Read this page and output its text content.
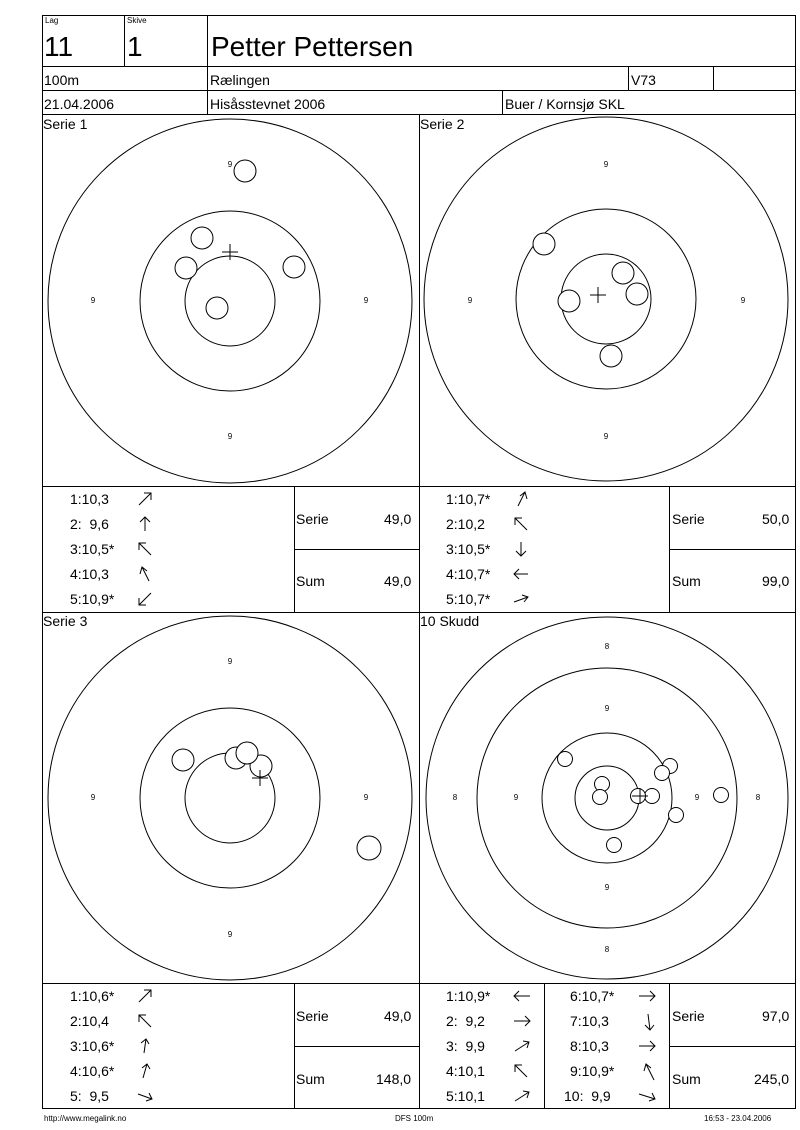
Lag
11
Skive
1 Petter Pettersen
100m	Rælingen	V73
21.04.2006	Hisåsstevnet 2006	Buer / Kornsjø SKL
Serie 1	Serie 2
Serie 3	10 Skudd
9
9
9	9
9
9
9	9
9
9
9	9
8
8
8	8
9
9
9	9
1:10,3
2:  9,6
3:10,5*
4:10,3
5:10,9*
Serie	49,0
Sum	49,0
1:10,7*
2:10,2
3:10,5*
4:10,7*
5:10,7*
Serie	50,0
Sum	99,0
1:10,6*
2:10,4
3:10,6*
4:10,6*
5:  9,5
Serie	49,0
Sum	148,0
1:10,9*
2:  9,2
3:  9,9
4:10,1
5:10,1
6:10,7*
7:10,3
8:10,3
9:10,9*
10:  9,9
Serie	97,0
Sum	245,0
http://www.megalink.no	DFS 100m	16:53 - 23.04.2006
